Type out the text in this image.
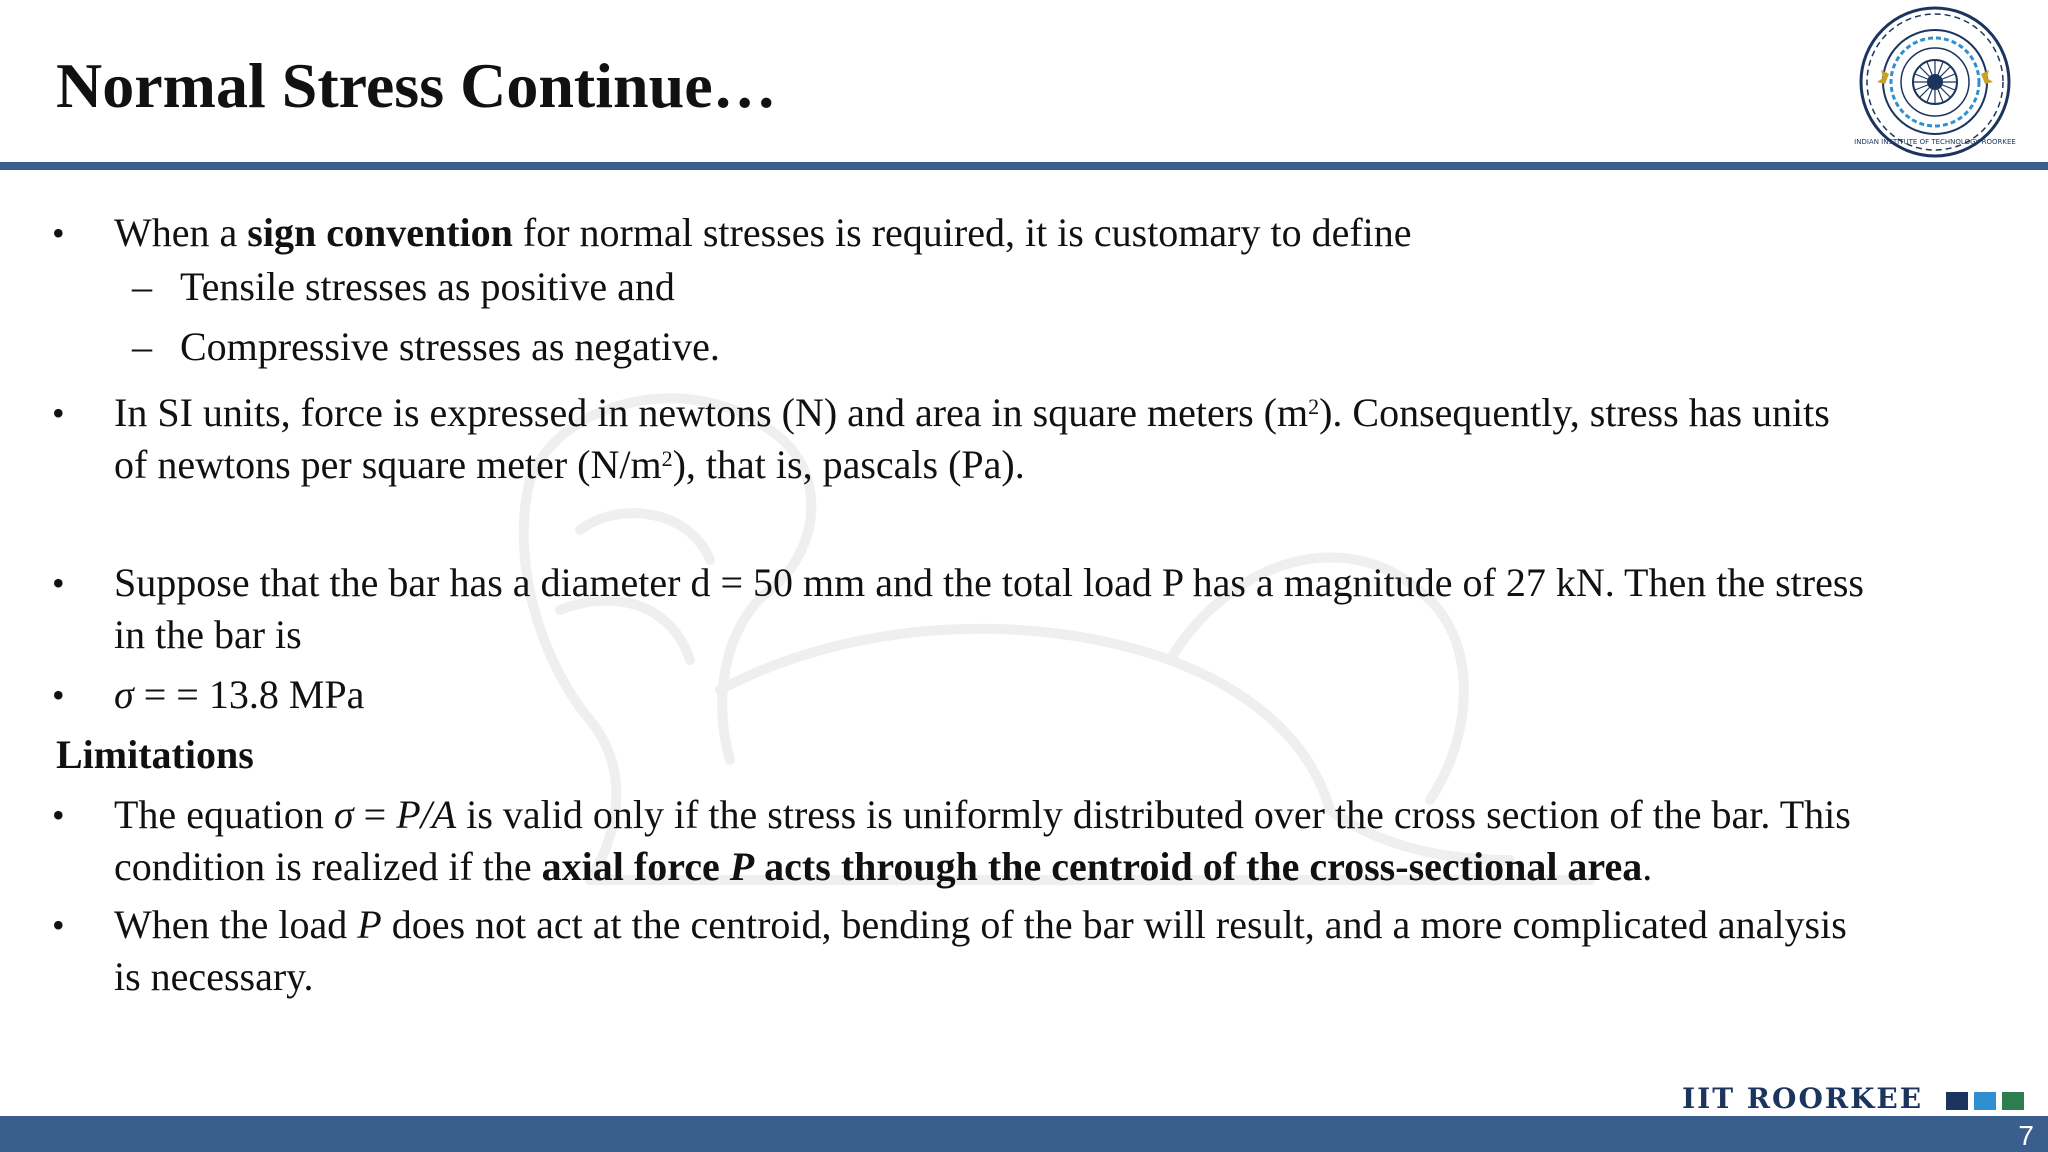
Normal Stress Continue…
INDIAN INSTITUTE OF TECHNOLOGY ROORKEE
• When a sign convention for normal stresses is required, it is customary to define
– Tensile stresses as positive and
– Compressive stresses as negative.
• In SI units, force is expressed in newtons (N) and area in square meters $(m^2)$. Consequently, stress has units
of newtons per square meter $(N/m^2)$, that is, pascals (Pa).
• Suppose that the bar has a diameter d = 50 mm and the total load P has a magnitude of 27 kN. Then the stress
in the bar is
• σ = = 13.8 MPa
Limitations
• The equation σ = P/A is valid only if the stress is uniformly distributed over the cross section of the bar. This
condition is realized if the axial force P acts through the centroid of the cross-sectional area.
• When the load P does not act at the centroid, bending of the bar will result, and a more complicated analysis
is necessary.
IIT ROORKEE
7
